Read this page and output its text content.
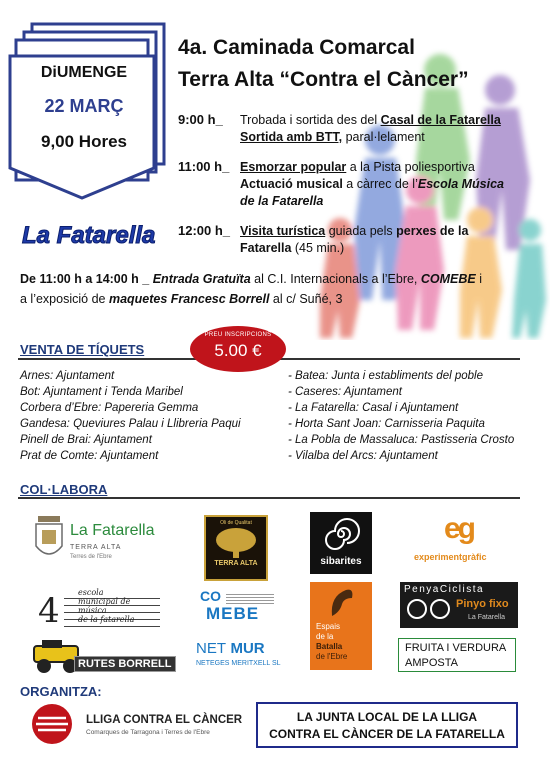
DiUMENGE
22 MARÇ
9,00 Hores
La Fatarella
4a. Caminada Comarcal
Terra Alta “Contra el Càncer”
9:00 h_ Trobada i sortida des del Casal de la Fatarella
Sortida amb BTT, paral·lelament
11:00 h_ Esmorzar popular a la Pista poliesportiva
Actuació musical a càrrec de l’Escola Música
de la Fatarella
12:00 h_ Visita turística guiada pels perxes de la
Fatarella (45 min.)
De 11:00 h a 14:00 h _ Entrada Gratuïta al C.I. Internacionals a l’Ebre, COMEBE i
a l’exposició de maquetes Francesc Borrell al c/ Suñé, 3
VENTA DE TÍQUETS
PREU INSCRIPCIONS
5.00 €
Arnes: Ajuntament
Bot: Ajuntament i Tenda Maribel
Corbera d’Ebre: Papereria Gemma
Gandesa: Queviures Palau i Llibreria Paqui
Pinell de Brai: Ajuntament
Prat de Comte: Ajuntament
- Batea: Junta i establiments del poble
- Caseres: Ajuntament
- La Fatarella: Casal i Ajuntament
- Horta Sant Joan: Carnisseria Paquita
- La Pobla de Massaluca: Pastisseria Crosto
- Vilalba del Arcs: Ajuntament
COL·LABORA
La Fatarella
TERRA ALTA
Terres de l'Ebre
Oli de Qualitat
TERRA ALTA	sibarites
eg
experimentgràfic
4 escola
municipal de
música
de la fatarella
CO
MEBE
Espais
de la
Batalla
de l'Ebre
PenyaCiclista
Pinyo fixo
La Fatarella
RUTES BORRELL
NET MUR
NETEGES MERITXELL SL
FRUITA I VERDURA
AMPOSTA
ORGANITZA:
LLIGA CONTRA EL CÀNCER
Comarques de Tarragona i Terres de l'Ebre
LA JUNTA LOCAL DE LA LLIGA
CONTRA EL CÀNCER DE LA FATARELLA
